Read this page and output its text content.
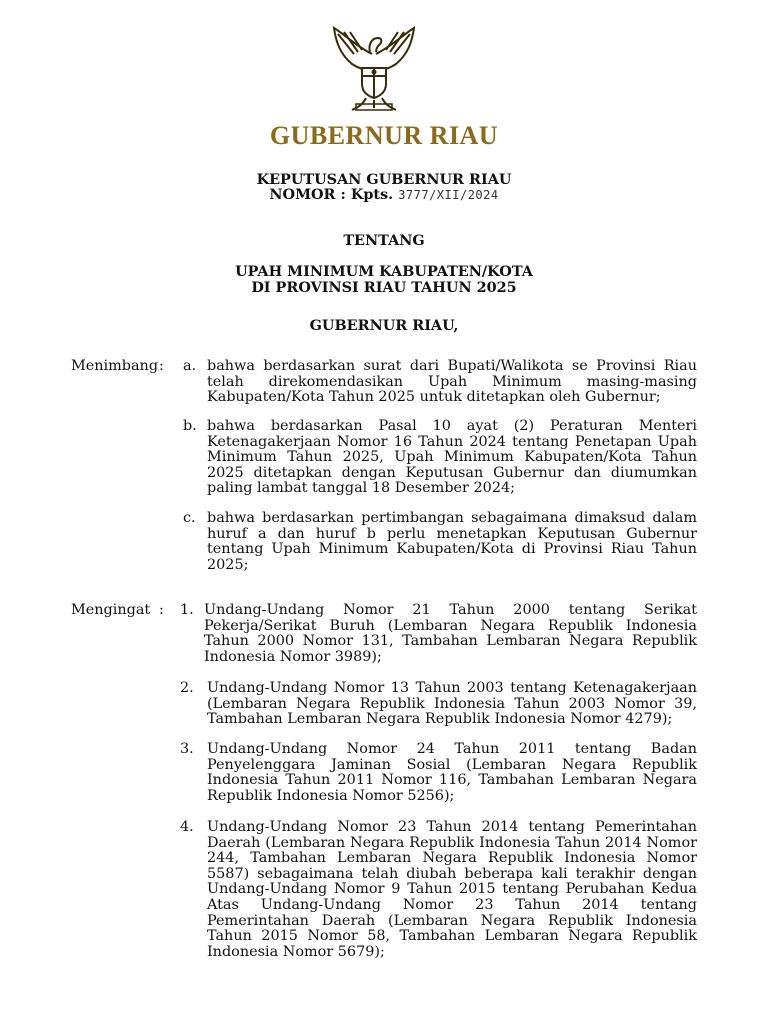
GUBERNUR RIAU
KEPUTUSAN GUBERNUR RIAU
NOMOR : Kpts. 3777/XII/2024
TENTANG
UPAH MINIMUM KABUPATEN/KOTA
DI PROVINSI RIAU TAHUN 2025
GUBERNUR RIAU,
Menimbang : a. bahwa berdasarkan surat dari Bupati/Walikota se Provinsi Riau telah direkomendasikan Upah Minimum masing-masing Kabupaten/Kota Tahun 2025 untuk ditetapkan oleh Gubernur;
b. bahwa berdasarkan Pasal 10 ayat (2) Peraturan Menteri Ketenagakerjaan Nomor 16 Tahun 2024 tentang Penetapan Upah Minimum Tahun 2025, Upah Minimum Kabupaten/Kota Tahun 2025 ditetapkan dengan Keputusan Gubernur dan diumumkan paling lambat tanggal 18 Desember 2024;
c. bahwa berdasarkan pertimbangan sebagaimana dimaksud dalam huruf a dan huruf b perlu menetapkan Keputusan Gubernur tentang Upah Minimum Kabupaten/Kota di Provinsi Riau Tahun 2025;
Mengingat : 1. Undang-Undang Nomor 21 Tahun 2000 tentang Serikat Pekerja/Serikat Buruh (Lembaran Negara Republik Indonesia Tahun 2000 Nomor 131, Tambahan Lembaran Negara Republik Indonesia Nomor 3989);
2. Undang-Undang Nomor 13 Tahun 2003 tentang Ketenagakerjaan (Lembaran Negara Republik Indonesia Tahun 2003 Nomor 39, Tambahan Lembaran Negara Republik Indonesia Nomor 4279);
3. Undang-Undang Nomor 24 Tahun 2011 tentang Badan Penyelenggara Jaminan Sosial (Lembaran Negara Republik Indonesia Tahun 2011 Nomor 116, Tambahan Lembaran Negara Republik Indonesia Nomor 5256);
4. Undang-Undang Nomor 23 Tahun 2014 tentang Pemerintahan Daerah (Lembaran Negara Republik Indonesia Tahun 2014 Nomor 244, Tambahan Lembaran Negara Republik Indonesia Nomor 5587) sebagaimana telah diubah beberapa kali terakhir dengan Undang-Undang Nomor 9 Tahun 2015 tentang Perubahan Kedua Atas Undang-Undang Nomor 23 Tahun 2014 tentang Pemerintahan Daerah (Lembaran Negara Republik Indonesia Tahun 2015 Nomor 58, Tambahan Lembaran Negara Republik Indonesia Nomor 5679);
